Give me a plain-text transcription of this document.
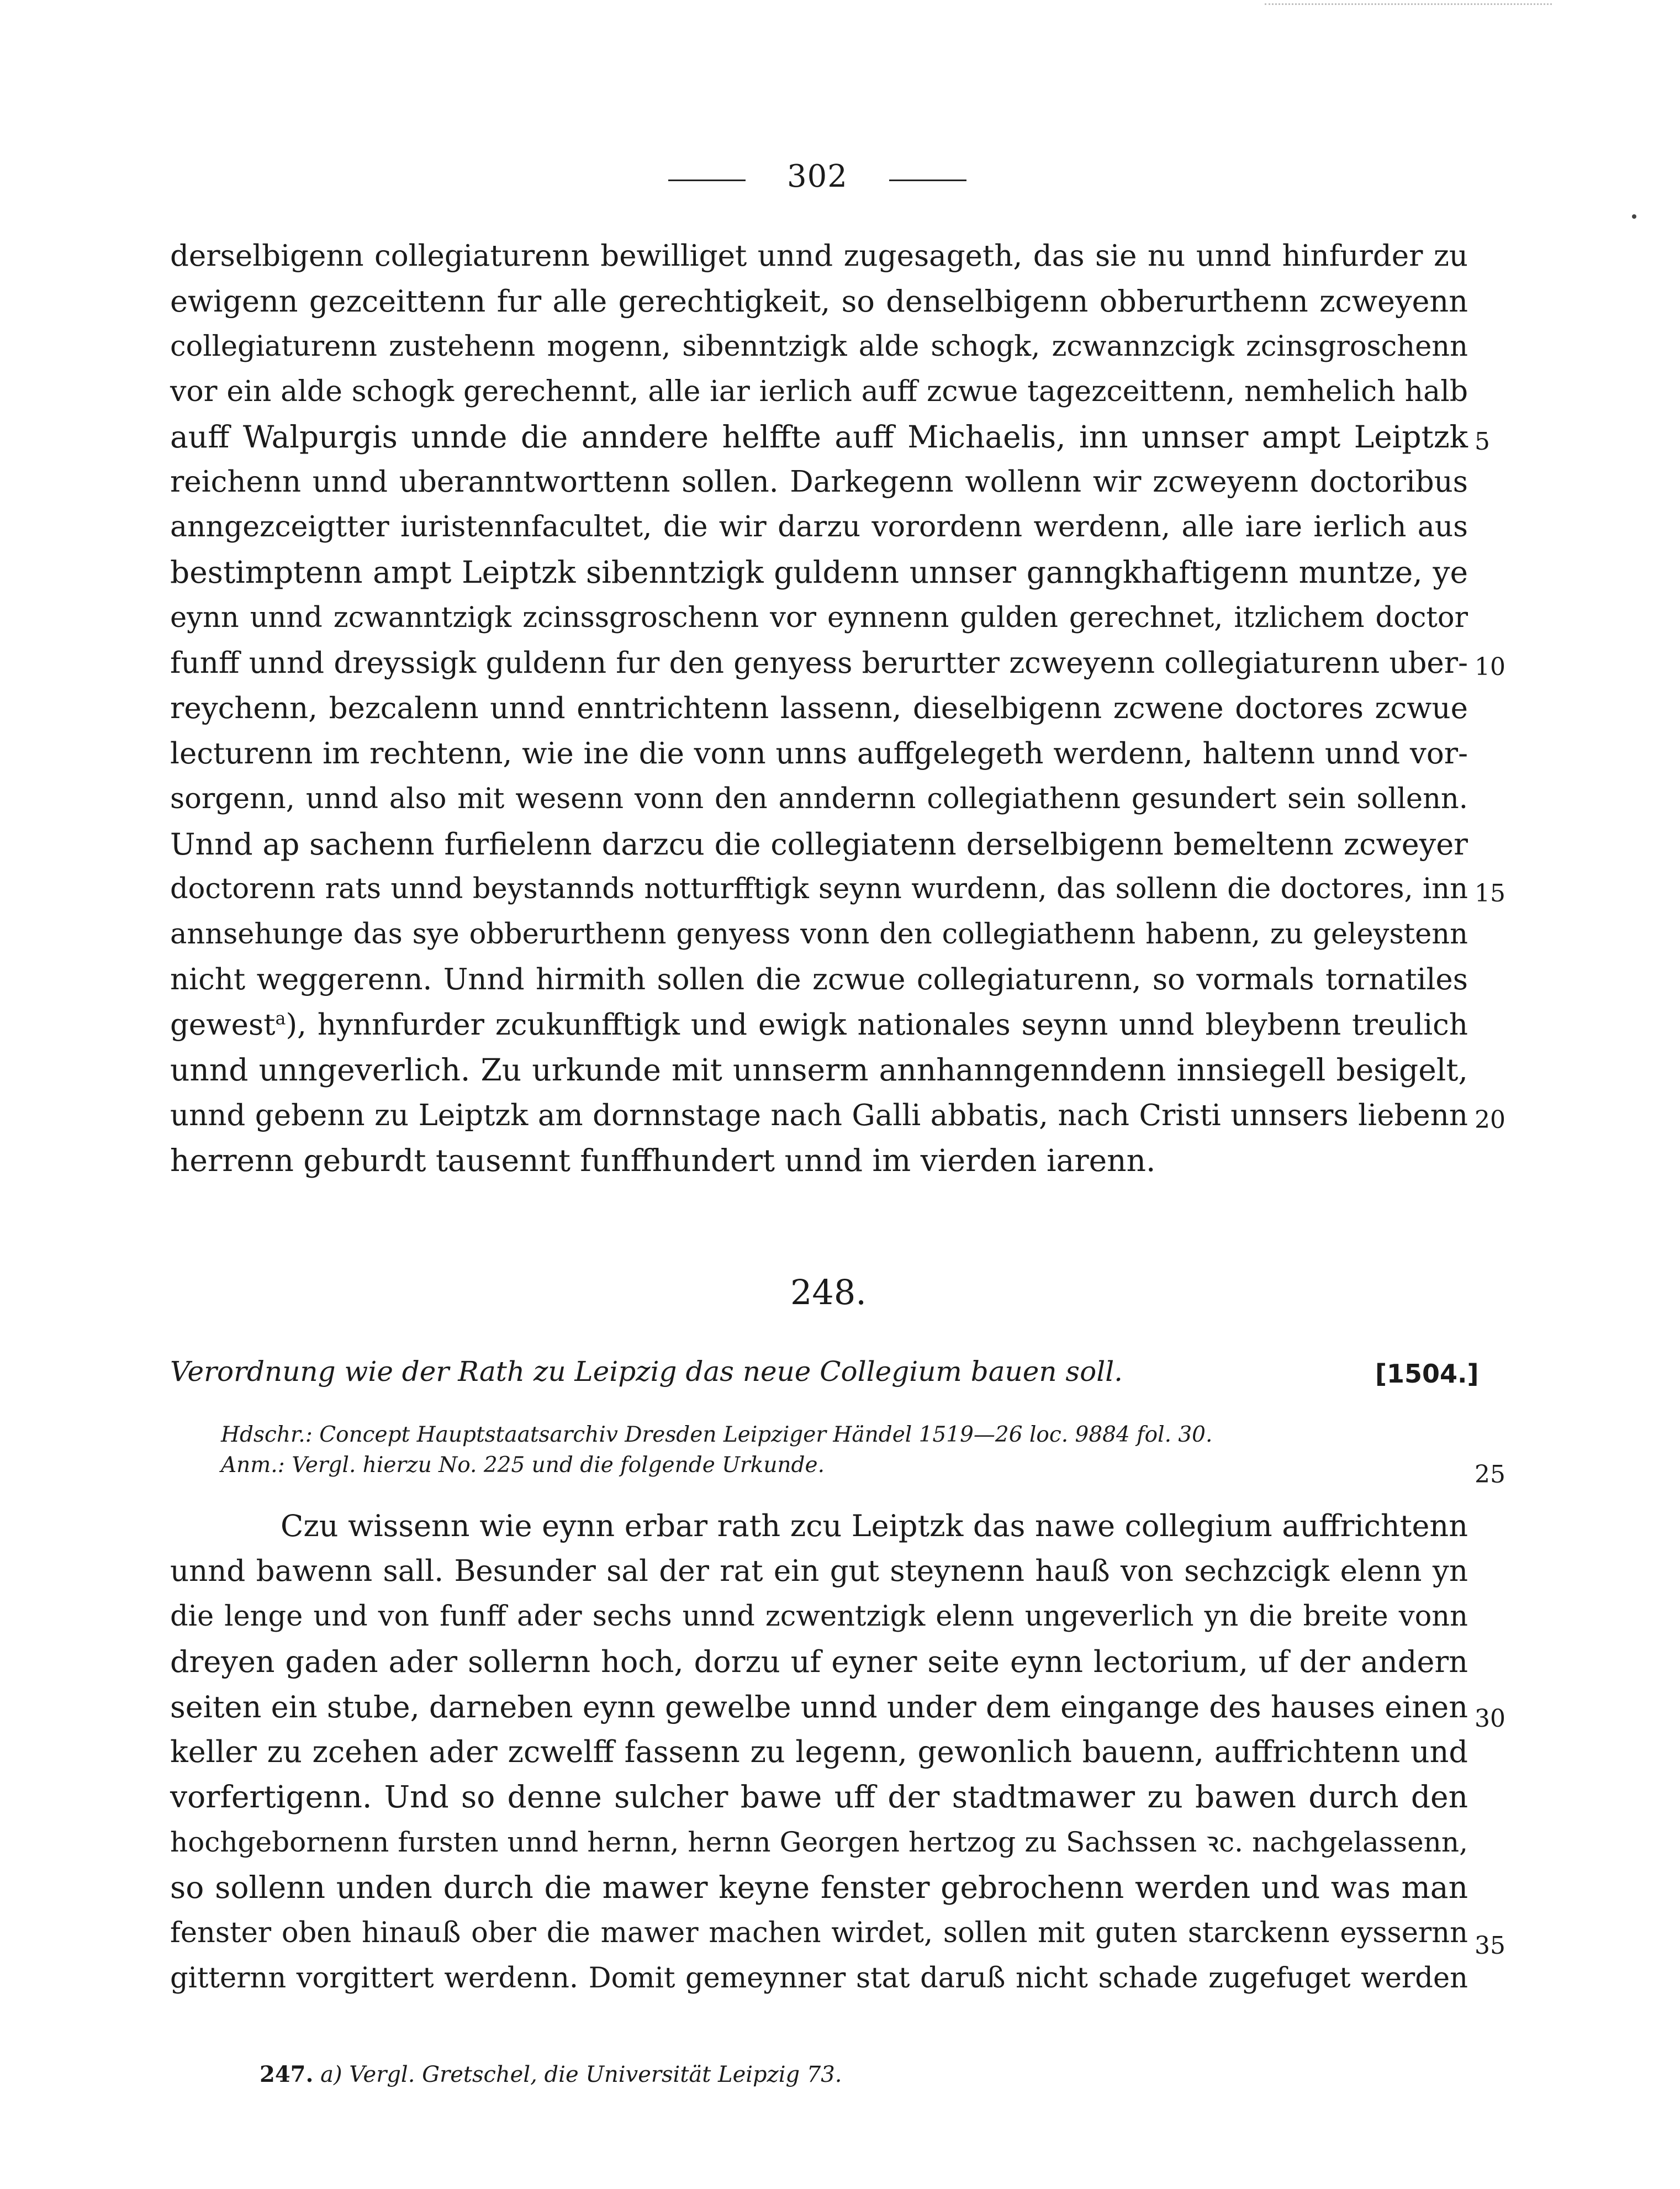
302
derselbigenn collegiaturenn bewilliget unnd zugesageth, das sie nu unnd hinfurder zu
ewigenn gezceittenn fur alle gerechtigkeit, so denselbigenn obberurthenn zcweyenn
collegiaturenn zustehenn mogenn, sibenntzigk alde schogk, zcwannzcigk zcinsgroschenn
vor ein alde schogk gerechennt, alle iar ierlich auff zcwue tagezceittenn, nemhelich halb
auff Walpurgis unnde die anndere helffte auff Michaelis, inn unnser ampt Leiptzk
reichenn unnd uberanntworttenn sollen. Darkegenn wollenn wir zcweyenn doctoribus
anngezceigtter iuristennfacultet, die wir darzu vorordenn werdenn, alle iare ierlich aus
bestimptenn ampt Leiptzk sibenntzigk guldenn unnser ganngkhaftigenn muntze, ye
eynn unnd zcwanntzigk zcinssgroschenn vor eynnenn gulden gerechnet, itzlichem doctor
funff unnd dreyssigk guldenn fur den genyess berurtter zcweyenn collegiaturenn uber-
reychenn, bezcalenn unnd enntrichtenn lassenn, dieselbigenn zcwene doctores zcwue
lecturenn im rechtenn, wie ine die vonn unns auffgelegeth werdenn, haltenn unnd vor-
sorgenn, unnd also mit wesenn vonn den anndernn collegiathenn gesundert sein sollenn.
Unnd ap sachenn furfielenn darzcu die collegiatenn derselbigenn bemeltenn zcweyer
doctorenn rats unnd beystannds notturfftigk seynn wurdenn, das sollenn die doctores, inn
annsehunge das sye obberurthenn genyess vonn den collegiathenn habenn, zu geleystenn
nicht weggerenn. Unnd hirmith sollen die zcwue collegiaturenn, so vormals tornatiles
gewest$^a$), hynnfurder zcukunfftigk und ewigk nationales seynn unnd bleybenn treulich
unnd unngeverlich. Zu urkunde mit unnserm annhanngenndenn innsiegell besigelt,
unnd gebenn zu Leiptzk am dornnstage nach Galli abbatis, nach Cristi unnsers liebenn
herrenn geburdt tausennt funffhundert unnd im vierden iarenn.
5
10
15
20
248.
Verordnung wie der Rath zu Leipzig das neue Collegium bauen soll.	[1504.]
Hdschr.: Concept Hauptstaatsarchiv Dresden Leipziger Händel 1519—26 loc. 9884 fol. 30.
Anm.: Vergl. hierzu No. 225 und die folgende Urkunde.
Czu wissenn wie eynn erbar rath zcu Leiptzk das nawe collegium auffrichtenn
unnd bawenn sall. Besunder sal der rat ein gut steynenn hauß von sechzcigk elenn yn
die lenge und von funff ader sechs unnd zcwentzigk elenn ungeverlich yn die breite vonn
dreyen gaden ader sollernn hoch, dorzu uf eyner seite eynn lectorium, uf der andern
seiten ein stube, darneben eynn gewelbe unnd under dem eingange des hauses einen
keller zu zcehen ader zcwelff fassenn zu legenn, gewonlich bauenn, auffrichtenn und
vorfertigenn. Und so denne sulcher bawe uff der stadtmawer zu bawen durch den
hochgebornenn fursten unnd hernn, hernn Georgen hertzog zu Sachssen ꝛc. nachgelassenn,
so sollenn unden durch die mawer keyne fenster gebrochenn werden und was man
fenster oben hinauß ober die mawer machen wirdet, sollen mit guten starckenn eyssernn
gitternn vorgittert werdenn. Domit gemeynner stat daruß nicht schade zugefuget werden
25
30
35
247. a) Vergl. Gretschel, die Universität Leipzig 73.
